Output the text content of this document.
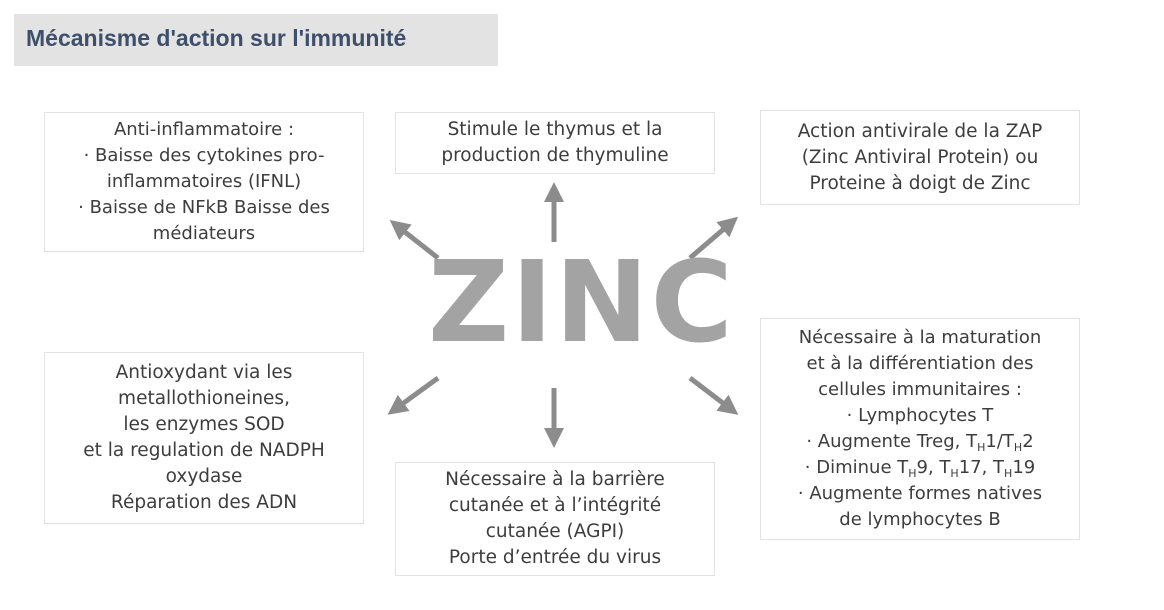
Mécanisme d'action sur l'immunité
ZINC
Anti-inflammatoire :
· Baisse des cytokines pro-
inflammatoires (IFNL)
· Baisse de NFkB Baisse des
médiateurs
Stimule le thymus et la
production de thymuline
Action antivirale de la ZAP
(Zinc Antiviral Protein) ou
Proteine à doigt de Zinc
Antioxydant via les
metallothioneines,
les enzymes SOD
et la regulation de NADPH
oxydase
Réparation des ADN
Nécessaire à la barrière
cutanée et à l’intégrité
cutanée (AGPI)
Porte d’entrée du virus
Nécessaire à la maturation
et à la différentiation des
cellules immunitaires :
· Lymphocytes T
· Augmente Treg, $T_H1/T_H2$
· Diminue $T_H9$, $T_H17$, $T_H19$
· Augmente formes natives
de lymphocytes B
